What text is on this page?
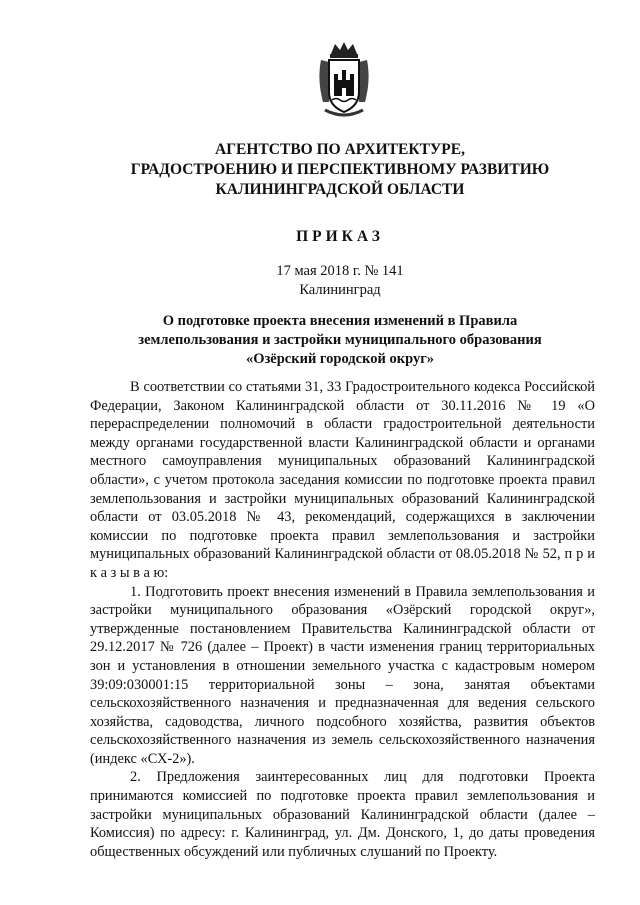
АГЕНТСТВО ПО АРХИТЕКТУРЕ,
ГРАДОСТРОЕНИЮ И ПЕРСПЕКТИВНОМУ РАЗВИТИЮ
КАЛИНИНГРАДСКОЙ ОБЛАСТИ
ПРИКАЗ
17 мая 2018 г. № 141
Калининград
О подготовке проекта внесения изменений в Правила
землепользования и застройки муниципального образования
«Озёрский городской округ»

В соответствии со статьями 31, 33 Градостроительного кодекса Российской Федерации, Законом Калининградской области от 30.11.2016 № 19 «О перераспределении полномочий в области градостроительной деятельности между органами государственной власти Калининградской области и органами местного самоуправления муниципальных образований Калининградской области», с учетом протокола заседания комиссии по подготовке проекта правил землепользования и застройки муниципальных образований Калининградской области от 03.05.2018 № 43, рекомендаций, содержащихся в заключении комиссии по подготовке проекта правил землепользования и застройки муниципальных образований Калининградской области от 08.05.2018 № 52, п р и к а з ы в а ю:

1. Подготовить проект внесения изменений в Правила землепользования и застройки муниципального образования «Озёрский городской округ», утвержденные постановлением Правительства Калининградской области от 29.12.2017 № 726 (далее – Проект) в части изменения границ территориальных зон и установления в отношении земельного участка с кадастровым номером 39:09:030001:15 территориальной зоны – зона, занятая объектами сельскохозяйственного назначения и предназначенная для ведения сельского хозяйства, садоводства, личного подсобного хозяйства, развития объектов сельскохозяйственного назначения из земель сельскохозяйственного назначения (индекс «СХ-2»).

2. Предложения заинтересованных лиц для подготовки Проекта принимаются комиссией по подготовке проекта правил землепользования и застройки муниципальных образований Калининградской области (далее – Комиссия) по адресу: г. Калининград, ул. Дм. Донского, 1, до даты проведения общественных обсуждений или публичных слушаний по Проекту.
